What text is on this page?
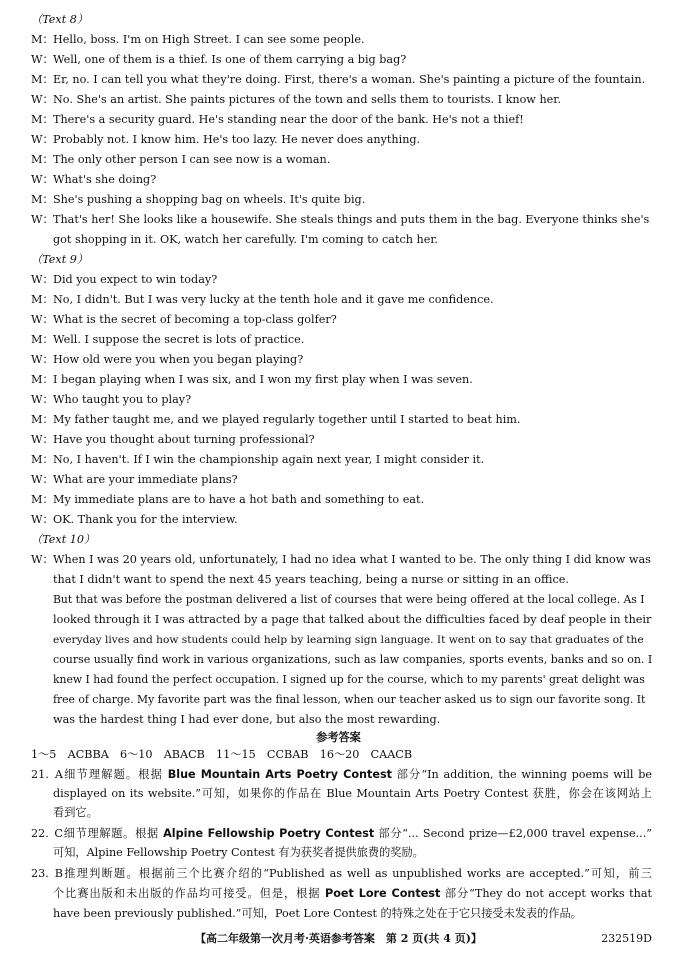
（Text 8）
M：Hello, boss. I'm on High Street. I can see some people.
W：Well, one of them is a thief. Is one of them carrying a big bag?
M：Er, no. I can tell you what they're doing. First, there's a woman. She's painting a picture of the fountain.
W：No. She's an artist. She paints pictures of the town and sells them to tourists. I know her.
M：There's a security guard. He's standing near the door of the bank. He's not a thief!
W：Probably not. I know him. He's too lazy. He never does anything.
M：The only other person I can see now is a woman.
W：What's she doing?
M：She's pushing a shopping bag on wheels. It's quite big.
W：That's her! She looks like a housewife. She steals things and puts them in the bag. Everyone thinks she's
got shopping in it. OK, watch her carefully. I'm coming to catch her.
（Text 9）
W：Did you expect to win today?
M：No, I didn't. But I was very lucky at the tenth hole and it gave me confidence.
W：What is the secret of becoming a top-class golfer?
M：Well. I suppose the secret is lots of practice.
W：How old were you when you began playing?
M：I began playing when I was six, and I won my first play when I was seven.
W：Who taught you to play?
M：My father taught me, and we played regularly together until I started to beat him.
W：Have you thought about turning professional?
M：No, I haven't. If I win the championship again next year, I might consider it.
W：What are your immediate plans?
M：My immediate plans are to have a hot bath and something to eat.
W：OK. Thank you for the interview.
（Text 10）
W：When I was 20 years old, unfortunately, I had no idea what I wanted to be. The only thing I did know was
that I didn't want to spend the next 45 years teaching, being a nurse or sitting in an office.
But that was before the postman delivered a list of courses that were being offered at the local college. As I
looked through it I was attracted by a page that talked about the difficulties faced by deaf people in their
everyday lives and how students could help by learning sign language. It went on to say that graduates of the
course usually find work in various organizations, such as law companies, sports events, banks and so on. I
knew I had found the perfect occupation. I signed up for the course, which to my parents' great delight was
free of charge. My favorite part was the final lesson, when our teacher asked us to sign our favorite song. It
was the hardest thing I had ever done, but also the most rewarding.
参考答案
1～5　ACBBA　6～10　ABACB　11～15　CCBAB　16～20　CAACB
21. A细节理解题。根据 Blue Mountain Arts Poetry Contest 部分“In addition, the winning poems will be
displayed on its website.”可知，如果你的作品在 Blue Mountain Arts Poetry Contest 获胜，你会在该网站上
看到它。
22. C细节理解题。根据 Alpine Fellowship Poetry Contest 部分“... Second prize—£2,000 travel expense...”
可知，Alpine Fellowship Poetry Contest 有为获奖者提供旅费的奖励。
23. B推理判断题。根据前三个比赛介绍的“Published as well as unpublished works are accepted.”可知，前三
个比赛出版和未出版的作品均可接受。但是，根据 Poet Lore Contest 部分“They do not accept works that
have been previously published.”可知，Poet Lore Contest 的特殊之处在于它只接受未发表的作品。
【高二年级第一次月考·英语参考答案　第 2 页(共 4 页)】	232519D
